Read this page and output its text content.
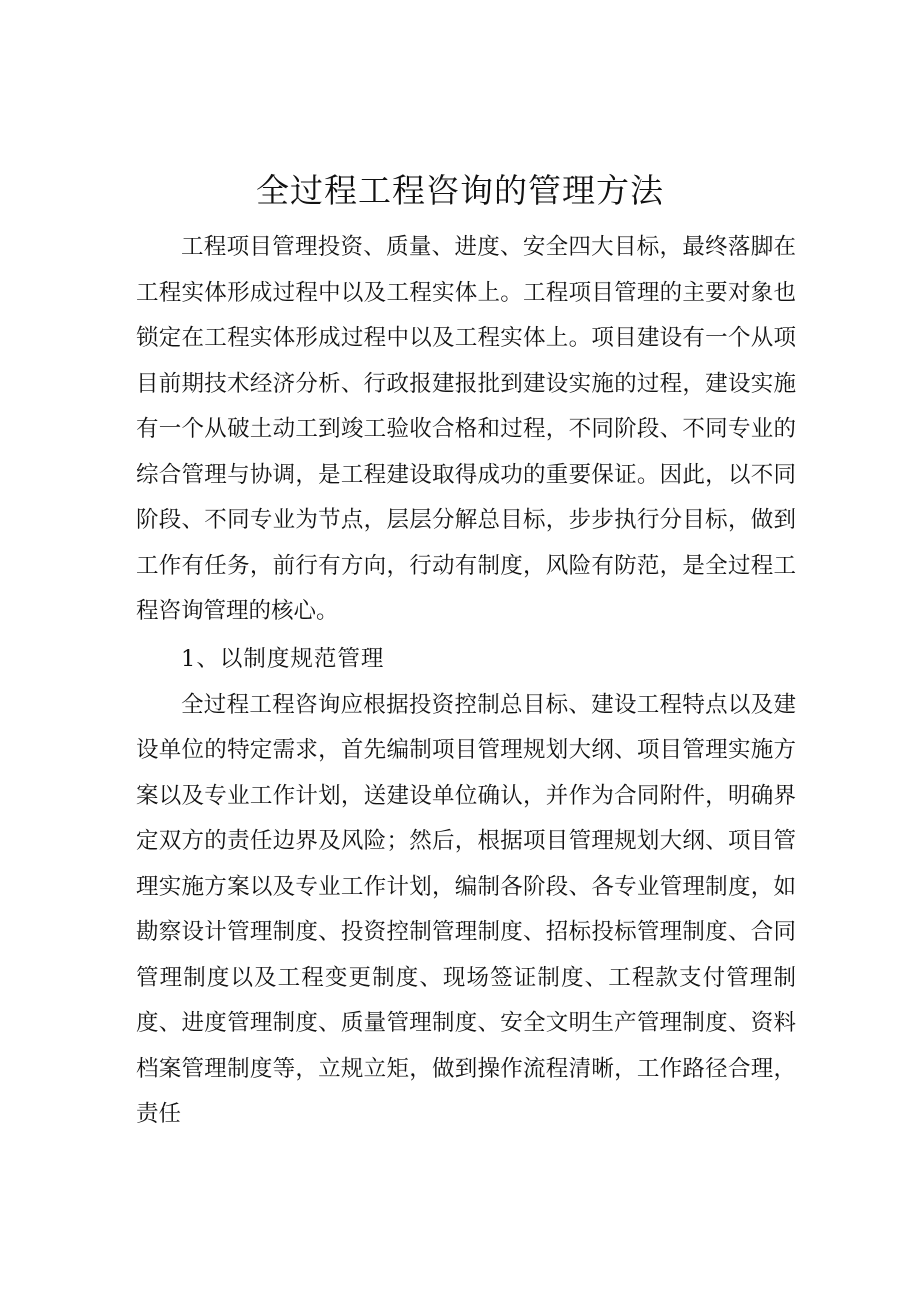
全过程工程咨询的管理方法

工程项目管理投资、质量、进度、安全四大目标，最终落脚在工程实体形成过程中以及工程实体上。工程项目管理的主要对象也锁定在工程实体形成过程中以及工程实体上。项目建设有一个从项目前期技术经济分析、行政报建报批到建设实施的过程，建设实施有一个从破土动工到竣工验收合格和过程，不同阶段、不同专业的综合管理与协调，是工程建设取得成功的重要保证。因此，以不同阶段、不同专业为节点，层层分解总目标，步步执行分目标，做到工作有任务，前行有方向，行动有制度，风险有防范，是全过程工程咨询管理的核心。

1、以制度规范管理

全过程工程咨询应根据投资控制总目标、建设工程特点以及建设单位的特定需求，首先编制项目管理规划大纲、项目管理实施方案以及专业工作计划，送建设单位确认，并作为合同附件，明确界定双方的责任边界及风险；然后，根据项目管理规划大纲、项目管理实施方案以及专业工作计划，编制各阶段、各专业管理制度，如勘察设计管理制度、投资控制管理制度、招标投标管理制度、合同管理制度以及工程变更制度、现场签证制度、工程款支付管理制度、进度管理制度、质量管理制度、安全文明生产管理制度、资料档案管理制度等，立规立矩，做到操作流程清晰，工作路径合理，责任
